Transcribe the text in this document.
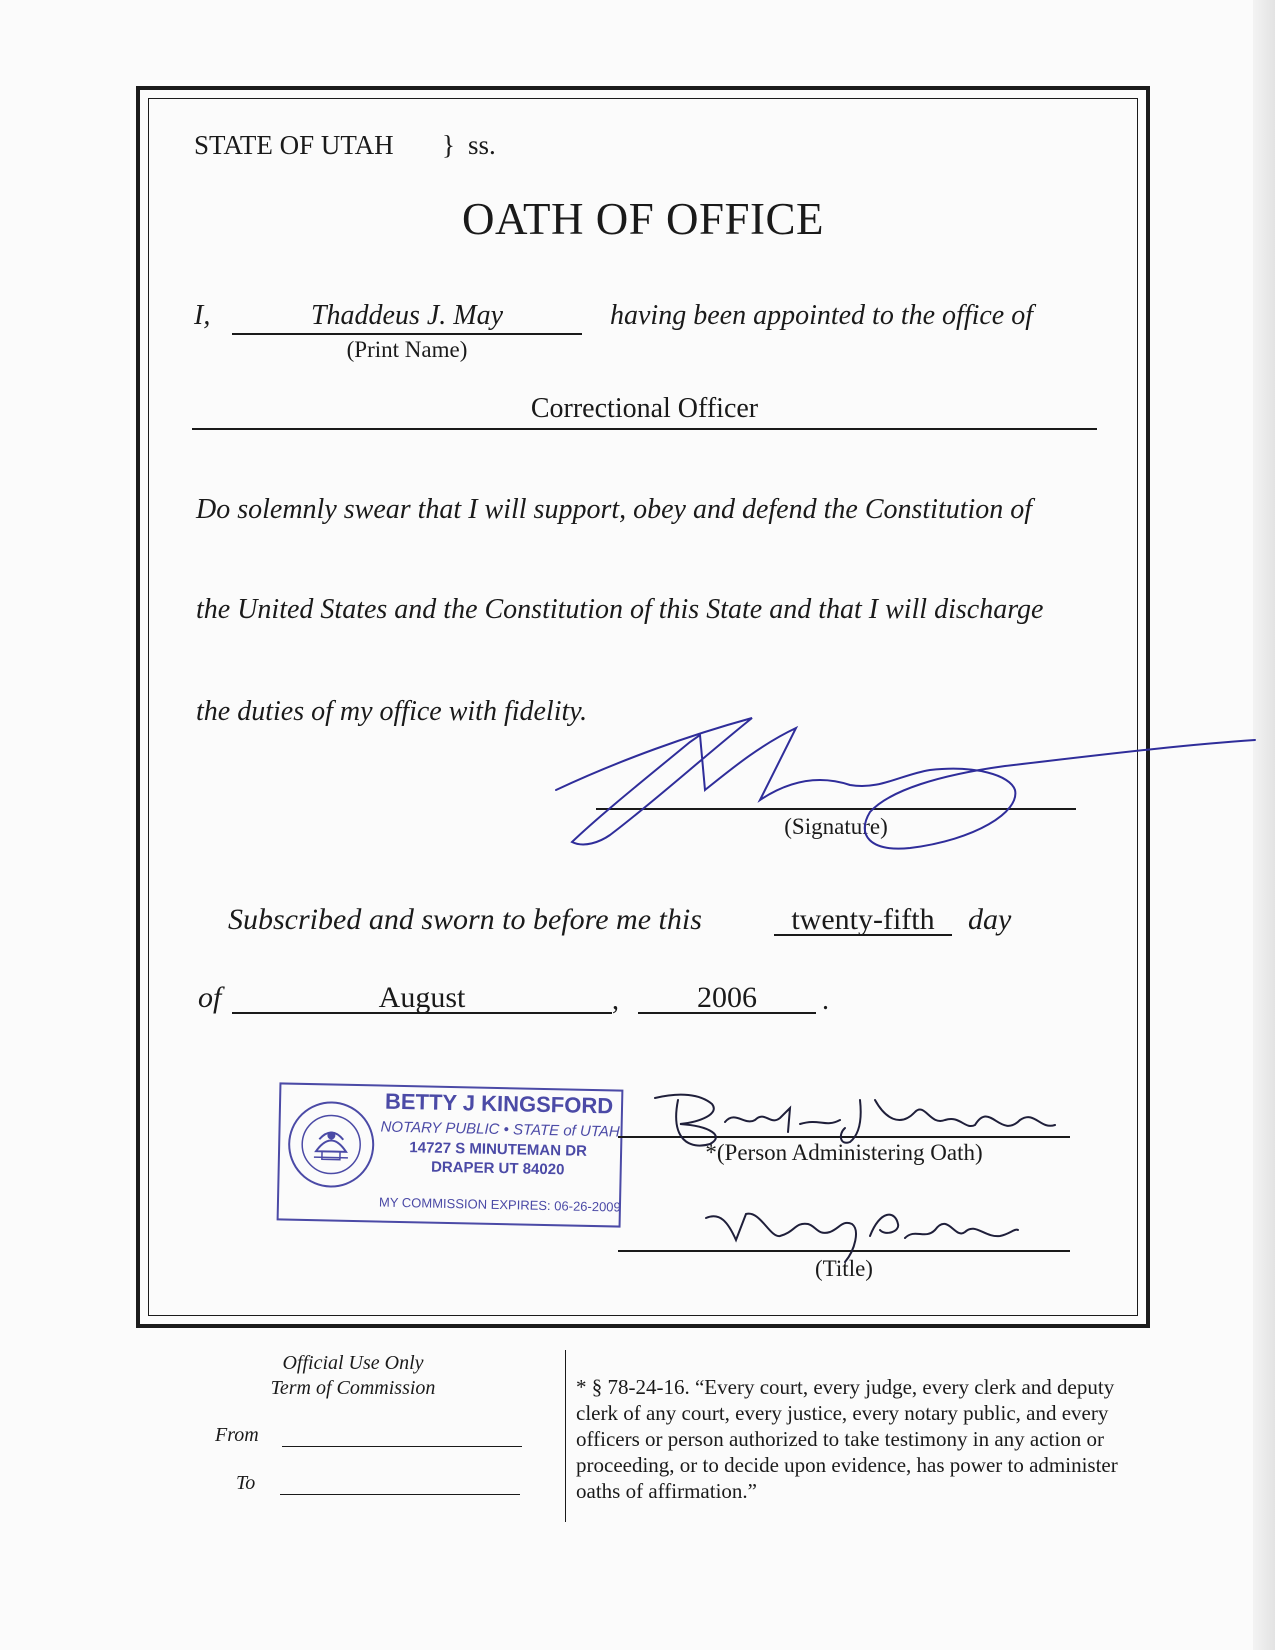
STATE OF UTAH } ss.
OATH OF OFFICE
I,	Thaddeus J. May
(Print Name)
having been appointed to the office of
Correctional Officer
Do solemnly swear that I will support, obey and defend the Constitution of
the United States and the Constitution of this State and that I will discharge
the duties of my office with fidelity.
(Signature)
Subscribed and sworn to before me this	twenty-fifth	day
of	August	,	2006	.
BETTY J KINGSFORD
NOTARY PUBLIC • STATE of UTAH
14727 S MINUTEMAN DR
DRAPER UT 84020
MY COMMISSION EXPIRES: 06-26-2009
*(Person Administering Oath)
(Title)
Official Use Only
Term of Commission
From
To
* § 78-24-16. “Every court, every judge, every clerk and deputy clerk of any court, every justice, every notary public, and every officers or person authorized to take testimony in any action or proceeding, or to decide upon evidence, has power to administer oaths of affirmation.”
